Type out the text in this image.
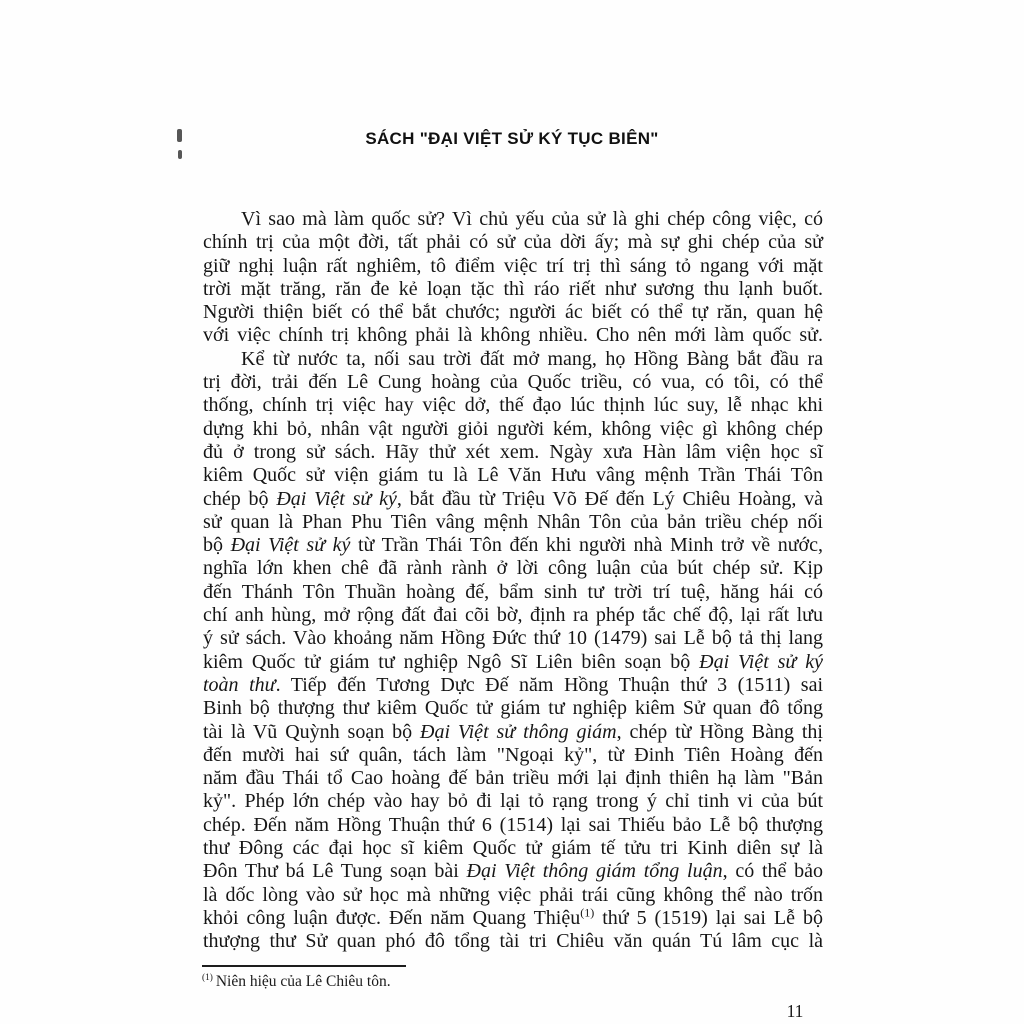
SÁCH "ĐẠI VIỆT SỬ KÝ TỤC BIÊN"
Vì sao mà làm quốc sử? Vì chủ yếu của sử là ghi chép công việc, có
chính trị của một đời, tất phải có sử của dời ấy; mà sự ghi chép của sử
giữ nghị luận rất nghiêm, tô điểm việc trí trị thì sáng tỏ ngang với mặt
trời mặt trăng, răn đe kẻ loạn tặc thì ráo riết như sương thu lạnh buốt.
Người thiện biết có thể bắt chước; người ác biết có thể tự răn, quan hệ
với việc chính trị không phải là không nhiều. Cho nên mới làm quốc sử.
Kể từ nước ta, nối sau trời đất mở mang, họ Hồng Bàng bắt đầu ra
trị đời, trải đến Lê Cung hoàng của Quốc triều, có vua, có tôi, có thể
thống, chính trị việc hay việc dở, thế đạo lúc thịnh lúc suy, lễ nhạc khi
dựng khi bỏ, nhân vật người giỏi người kém, không việc gì không chép
đủ ở trong sử sách. Hãy thử xét xem. Ngày xưa Hàn lâm viện học sĩ
kiêm Quốc sử viện giám tu là Lê Văn Hưu vâng mệnh Trần Thái Tôn
chép bộ Đại Việt sử ký, bắt đầu từ Triệu Võ Đế đến Lý Chiêu Hoàng, và
sử quan là Phan Phu Tiên vâng mệnh Nhân Tôn của bản triều chép nối
bộ Đại Việt sử ký từ Trần Thái Tôn đến khi người nhà Minh trở về nước,
nghĩa lớn khen chê đã rành rành ở lời công luận của bút chép sử. Kịp
đến Thánh Tôn Thuần hoàng đế, bẩm sinh tư trời trí tuệ, hăng hái có
chí anh hùng, mở rộng đất đai cõi bờ, định ra phép tắc chế độ, lại rất lưu
ý sử sách. Vào khoảng năm Hồng Đức thứ 10 (1479) sai Lễ bộ tả thị lang
kiêm Quốc tử giám tư nghiệp Ngô Sĩ Liên biên soạn bộ Đại Việt sử ký
toàn thư. Tiếp đến Tương Dực Đế năm Hồng Thuận thứ 3 (1511) sai
Binh bộ thượng thư kiêm Quốc tử giám tư nghiệp kiêm Sử quan đô tổng
tài là Vũ Quỳnh soạn bộ Đại Việt sử thông giám, chép từ Hồng Bàng thị
đến mười hai sứ quân, tách làm "Ngoại kỷ", từ Đinh Tiên Hoàng đến
năm đầu Thái tổ Cao hoàng đế bản triều mới lại định thiên hạ làm "Bản
kỷ". Phép lớn chép vào hay bỏ đi lại tỏ rạng trong ý chỉ tinh vi của bút
chép. Đến năm Hồng Thuận thứ 6 (1514) lại sai Thiếu bảo Lễ bộ thượng
thư Đông các đại học sĩ kiêm Quốc tử giám tế tửu tri Kinh diên sự là
Đôn Thư bá Lê Tung soạn bài Đại Việt thông giám tổng luận, có thể bảo
là dốc lòng vào sử học mà những việc phải trái cũng không thể nào trốn
khỏi công luận được. Đến năm Quang Thiệu$^{(1)}$ thứ 5 (1519) lại sai Lễ bộ
thượng thư Sử quan phó đô tổng tài tri Chiêu văn quán Tú lâm cục là
$^{(1)}$ Niên hiệu của Lê Chiêu tôn.
11
